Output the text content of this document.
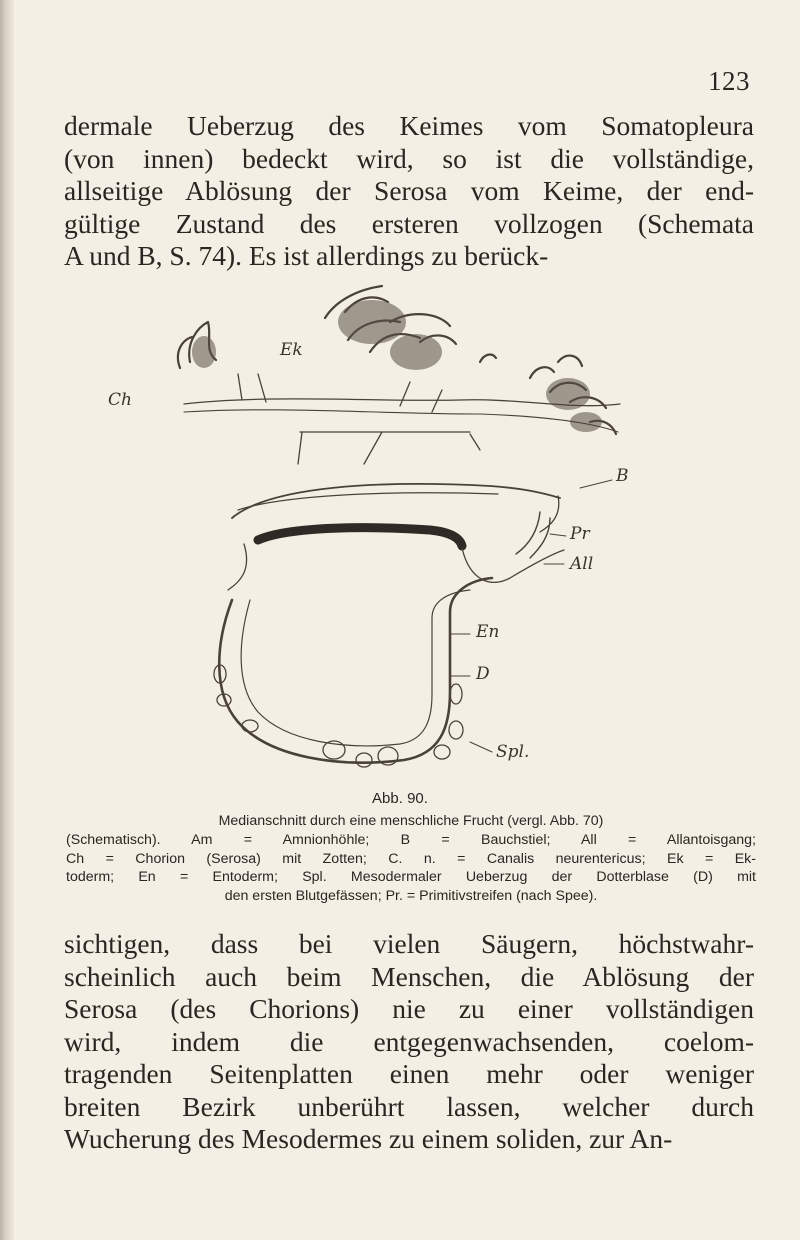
123
dermale Ueberzug des Keimes vom Somatopleura
(von innen) bedeckt wird, so ist die vollständige,
allseitige Ablösung der Serosa vom Keime, der end-
gültige Zustand des ersteren vollzogen (Schemata
A und B, S. 74). Es ist allerdings zu berück-
Ek
Ch
B
Pr
All
En
D
Spl.
Abb. 90.
Medianschnitt durch eine menschliche Frucht (vergl. Abb. 70)
(Schematisch). Am = Amnionhöhle; B = Bauchstiel; All = Allantoisgang;
Ch = Chorion (Serosa) mit Zotten; C. n. = Canalis neurentericus; Ek = Ek-
toderm; En = Entoderm; Spl. Mesodermaler Ueberzug der Dotterblase (D) mit
den ersten Blutgefässen; Pr. = Primitivstreifen (nach Spee).
sichtigen, dass bei vielen Säugern, höchstwahr-
scheinlich auch beim Menschen, die Ablösung der
Serosa (des Chorions) nie zu einer vollständigen
wird, indem die entgegenwachsenden, coelom-
tragenden Seitenplatten einen mehr oder weniger
breiten Bezirk unberührt lassen, welcher durch
Wucherung des Mesodermes zu einem soliden, zur An-
